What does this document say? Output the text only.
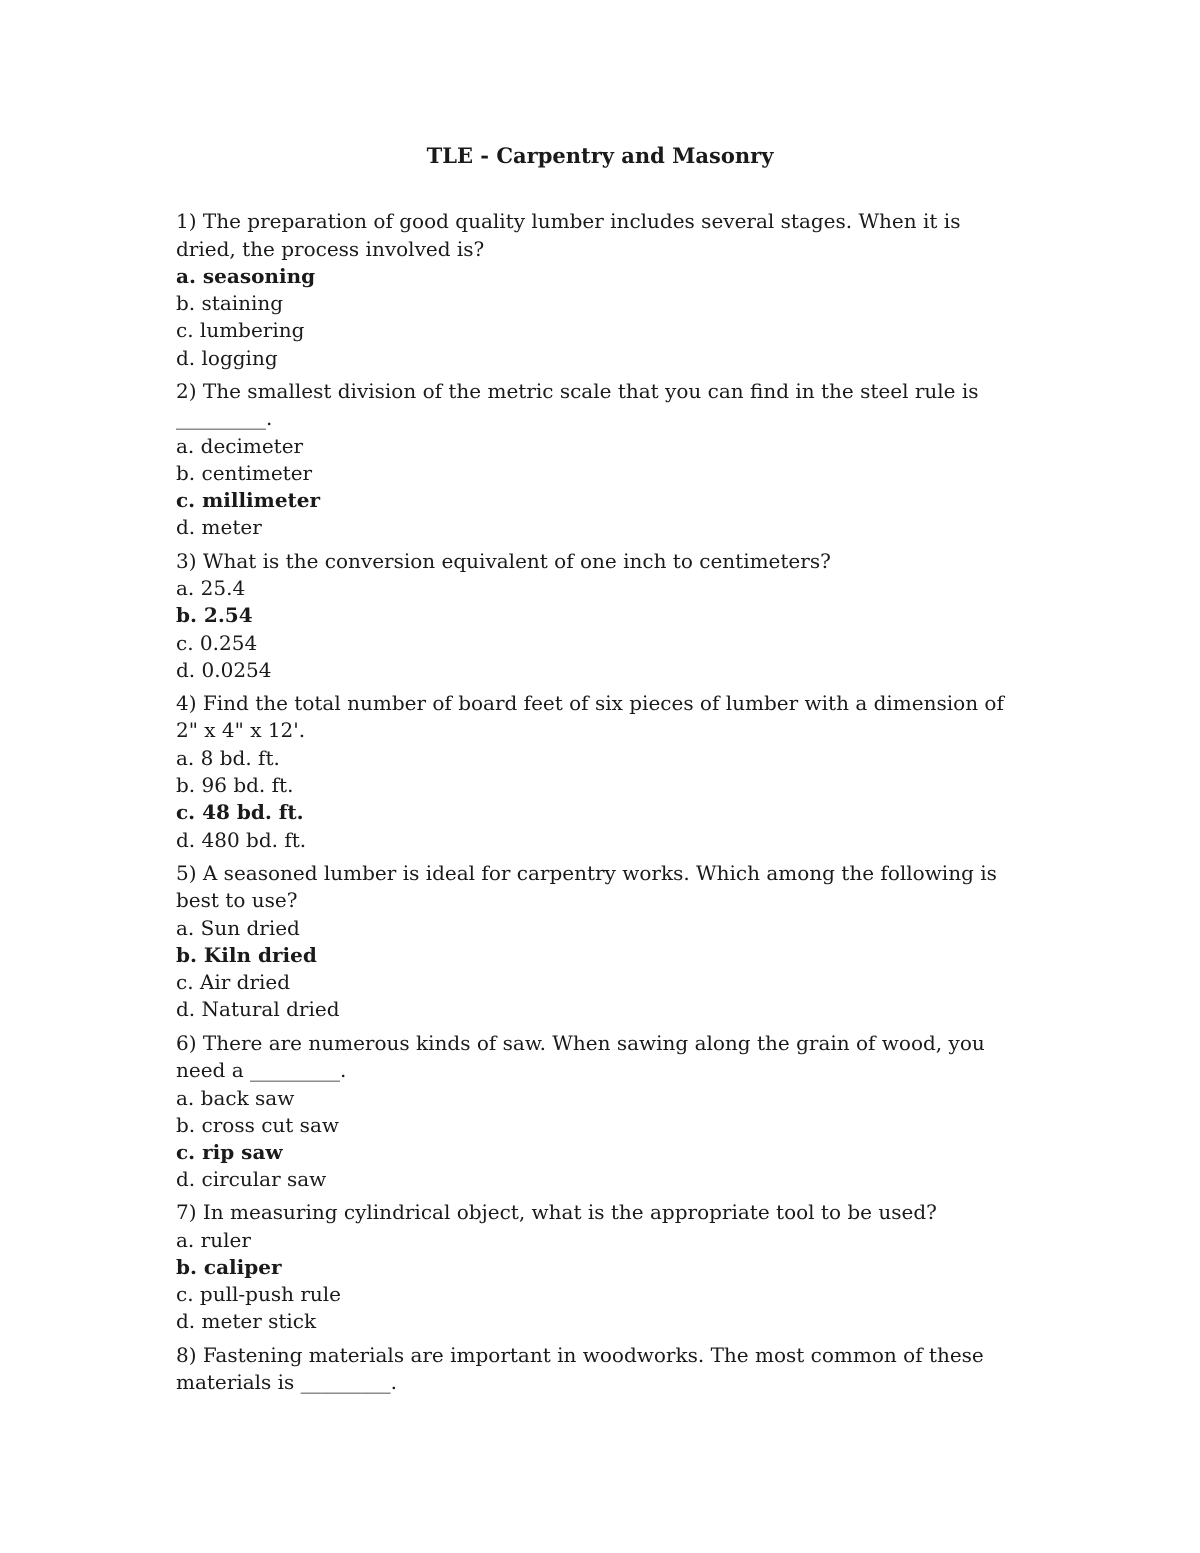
TLE - Carpentry and Masonry

1) The preparation of good quality lumber includes several stages. When it is dried, the process involved is?

a. seasoning
b. staining
c. lumbering
d. logging

2) The smallest division of the metric scale that you can find in the steel rule is _________.

a. decimeter
b. centimeter
c. millimeter
d. meter

3) What is the conversion equivalent of one inch to centimeters?

a. 25.4
b. 2.54
c. 0.254
d. 0.0254

4) Find the total number of board feet of six pieces of lumber with a dimension of 2" x 4" x 12'.

a. 8 bd. ft.
b. 96 bd. ft.
c. 48 bd. ft.
d. 480 bd. ft.

5) A seasoned lumber is ideal for carpentry works. Which among the following is best to use?

a. Sun dried
b. Kiln dried
c. Air dried
d. Natural dried

6) There are numerous kinds of saw. When sawing along the grain of wood, you need a _________.

a. back saw
b. cross cut saw
c. rip saw
d. circular saw

7) In measuring cylindrical object, what is the appropriate tool to be used?

a. ruler
b. caliper
c. pull-push rule
d. meter stick

8) Fastening materials are important in woodworks. The most common of these materials is _________.
